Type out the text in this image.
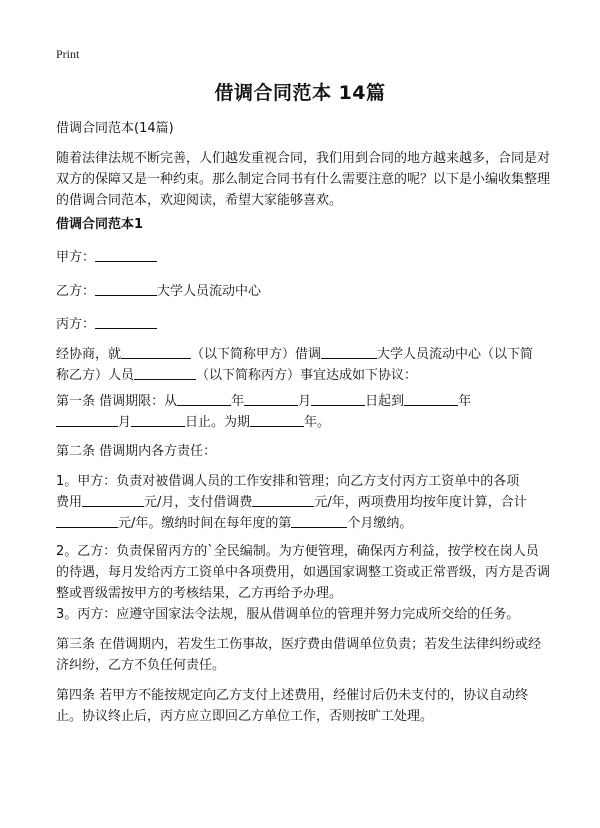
Print
借调合同范本 14篇
借调合同范本(14篇)
随着法律法规不断完善，人们越发重视合同，我们用到合同的地方越来越多，合同是对双方的保障又是一种约束。那么制定合同书有什么需要注意的呢？以下是小编收集整理的借调合同范本，欢迎阅读，希望大家能够喜欢。
借调合同范本1
甲方：
乙方：	大学人员流动中心
丙方：
经协商，就	（以下简称甲方）借调	大学人员流动中心（以下简
称乙方）人员	（以下简称丙方）事宜达成如下协议：
第一条 借调期限：从	年	月	日起到	年
月	日止。为期	年。
第二条 借调期内各方责任：
1。甲方：负责对被借调人员的工作安排和管理；向乙方支付丙方工资单中的各项
费用	元/月，支付借调费	元/年，两项费用均按年度计算，合计
元/年。缴纳时间在每年度的第	个月缴纳。
2。乙方：负责保留丙方的`全民编制。为方便管理，确保丙方利益，按学校在岗人员的待遇，每月发给丙方工资单中各项费用，如遇国家调整工资或正常晋级，丙方是否调整或晋级需按甲方的考核结果，乙方再给予办理。
3。丙方：应遵守国家法令法规，服从借调单位的管理并努力完成所交给的任务。
第三条 在借调期内，若发生工伤事故，医疗费由借调单位负责；若发生法律纠纷或经济纠纷，乙方不负任何责任。
第四条 若甲方不能按规定向乙方支付上述费用，经催讨后仍未支付的，协议自动终止。协议终止后，丙方应立即回乙方单位工作，否则按旷工处理。
